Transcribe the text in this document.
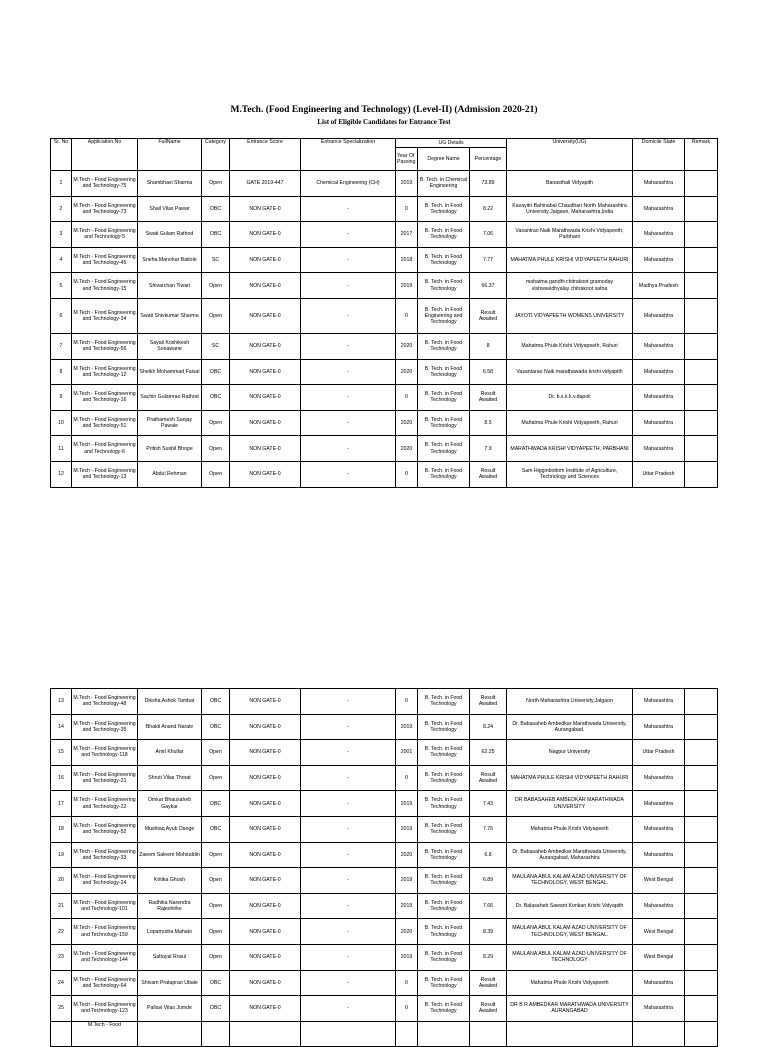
M.Tech. (Food Engineering and Technology) (Level-II) (Admission 2020-21)
List of Eligible Candidates for Entrance Test
Sr. No	Application No	FullName	Category	Entrance Score	Entrance Specialization	UG Details			University(UG)	Domicile State	Remark
						Year Of Passing	Degree Name	Percentage			
1	M.Tech - Food Engineering and Technology-75	Shambhavi Sharma	Open	GATE 2019-447	Chemical Engineering (CH)	2019	B. Tech. in Chemical Engineering	73.89	Banasthali Vidyapith	Maharashtra	
2	M.Tech - Food Engineering and Technology-73	Shail Vilas Pawar	OBC	NON GATE-0	-	0	B. Tech. in Food Technology	8.22	Kavayitri Bahinabai Chaudhari North Maharashtra University Jalgaon, Maharashtra,India	Maharashtra	
3	M.Tech - Food Engineering and Technology-5	Swati Gulam Rathod	OBC	NON GATE-0	-	2017	B. Tech. in Food Technology	7.06	Vasantrao Naik Marathwada Krishi Vidyapeeth, Parbhani	Maharashtra	
4	M.Tech - Food Engineering and Technology-45	Sneha Manohar Baitole	SC	NON GATE-0	-	2018	B. Tech. in Food Technology	7.77	MAHATMA PHULE KRISHI VIDYAPEETH RAHURI	Maharashtra	
5	M.Tech - Food Engineering and Technology-15	Shivarchan Tiwari	Open	NON GATE-0	-	2019	B. Tech. in Food Technology	66.37	mahatma gandhi chitrakoot gramoday vishwavidhyalay chitrakoot satna	Madhya Pradesh	
6	M.Tech - Food Engineering and Technology-34	Swati Shivkumar Sharma	Open	NON GATE-0	-	0	B. Tech. in Food Engineering and Technology	Result Awaited	JAYOTI VIDYAPEETH WOMENS UNIVERSITY	Maharashtra	
7	M.Tech - Food Engineering and Technology-56	Sayali Krishikesh Sonawane	SC	NON GATE-0	-	2020	B. Tech. in Food Technology	8	Mahatma Phule Krishi Vidyapeeth, Rahuri	Maharashtra	
8	M.Tech - Food Engineering and Technology-12	Sheikh Mohammad Faisal	OBC	NON GATE-0	-	2020	B. Tech. in Food Technology	6.58	Vasantarao Naik marathawada krishi vidyapith	Maharashtra	
9	M.Tech - Food Engineering and Technology-16	Sachin Gulamrao Rathod	OBC	NON GATE-0	-	0	B. Tech. in Food Technology	Result Awaited	Dr. b.s.k.k.v.dapoli	Maharashtra	
10	M.Tech - Food Engineering and Technology-51	Prathamesh Sanjay Pawale	Open	NON GATE-0	-	2020	B. Tech. in Food Technology	8.5	Mahatma Phule Krishi Vidyapeeth, Rahuri	Maharashtra	
11	M.Tech - Food Engineering and Technology-6	Pritish Sushil Bhope	Open	NON GATE-0	-	2020	B. Tech. in Food Technology	7.9	MARATHWADA KRISHI VIDYAPEETH, PARBHANI	Maharashtra	
12	M.Tech - Food Engineering and Technology-13	Abdul Rehman	Open	NON GATE-0	-	0	B. Tech. in Food Technology	Result Awaited	Sam Higginbottom Institute of Agriculture, Technology and Sciences	Uttar Pradesh	
13	M.Tech - Food Engineering and Technology-48	Diksha Ashok Tambat	OBC	NON GATE-0	-	0	B. Tech. in Food Technology	Result Awaited	North Maharashtra University,Jalgaon	Maharashtra	
14	M.Tech - Food Engineering and Technology-35	Bhakti Anand Narale	OBC	NON GATE-0	-	2019	B. Tech. in Food Technology	8.24	Dr. Babasaheb Ambedkar Marathwada University, Aurangabad.	Maharashtra	
15	M.Tech - Food Engineering and Technology-118	Amit Khullar	Open	NON GATE-0	-	2001	B. Tech. in Food Technology	62.25	Nagpur University	Uttar Pradesh	
16	M.Tech - Food Engineering and Technology-21	Shruti Vilas Thorat	Open	NON GATE-0	-	0	B. Tech. in Food Technology	Result Awaited	MAHATMA PHULE KRISHI VIDYAPEETH RAHURI	Maharashtra	
17	M.Tech - Food Engineering and Technology-22	Omkar Bhausaheb Gaykar	OBC	NON GATE-0	-	2019	B. Tech. in Food Technology	7.43	DR BABASAHEB AMBEDKAR MARATHWADA UNIVERSITY	Maharashtra	
18	M.Tech - Food Engineering and Technology-52	Mushtaq Ayub Dange	OBC	NON GATE-0	-	2019	B. Tech. in Food Technology	7.76	Mahatma Phule Krishi Vidyapeeth	Maharashtra	
19	M.Tech - Food Engineering and Technology-33	Zaeem Saleem Mohiuddin	Open	NON GATE-0	-	2020	B. Tech. in Food Technology	6.8	Dr. Babasaheb Ambedkar Marathwada University, Aurangabad, Maharashtra	Maharashtra	
20	M.Tech - Food Engineering and Technology-24	Kritika Ghosh	Open	NON GATE-0	-	2019	B. Tech. in Food Technology	6.89	MAULANA ABUL KALAM AZAD UNIVERSITY OF TECHNOLOGY, WEST BENGAL.	West Bengal	
21	M.Tech - Food Engineering and Technology-101	Radhika Narendra Rajeshirke	Open	NON GATE-0	-	2019	B. Tech. in Food Technology	7.66	Dr. Balasaheb Sawant Konkan Krishi Vidyapith	Maharashtra	
22	M.Tech - Food Engineering and Technology-159	Lopamudra Mahato	Open	NON GATE-0	-	2020	B. Tech. in Food Technology	8.39	MAULANA ABUL KALAM AZAD UNIVERSITY OF TECHNOLOGY, WEST BENGAL.	West Bengal	
23	M.Tech - Food Engineering and Technology-144	Sattayal Rosul	Open	NON GATE-0	-	2019	B. Tech. in Food Technology	8.29	MAULANA ABUL KALAM AZAD UNIVERSITY OF TECHNOLOGY	West Bengal	
24	M.Tech - Food Engineering and Technology-64	Shivam Prataprao Ubale	OBC	NON GATE-0	-	0	B. Tech. in Food Technology	Result Awaited	Mahatma Phule Krishi Vidyapeeth	Maharashtra	
25	M.Tech - Food Engineering and Technology-123	Pallavi Vilas Jumde	OBC	NON GATE-0	-	0	B. Tech. in Food Technology	Result Awaited	DR B R AMBEDKAR MARATHWADA UNIVERSITY AURANGABAD	Maharashtra	
	M.Tech - Food										
